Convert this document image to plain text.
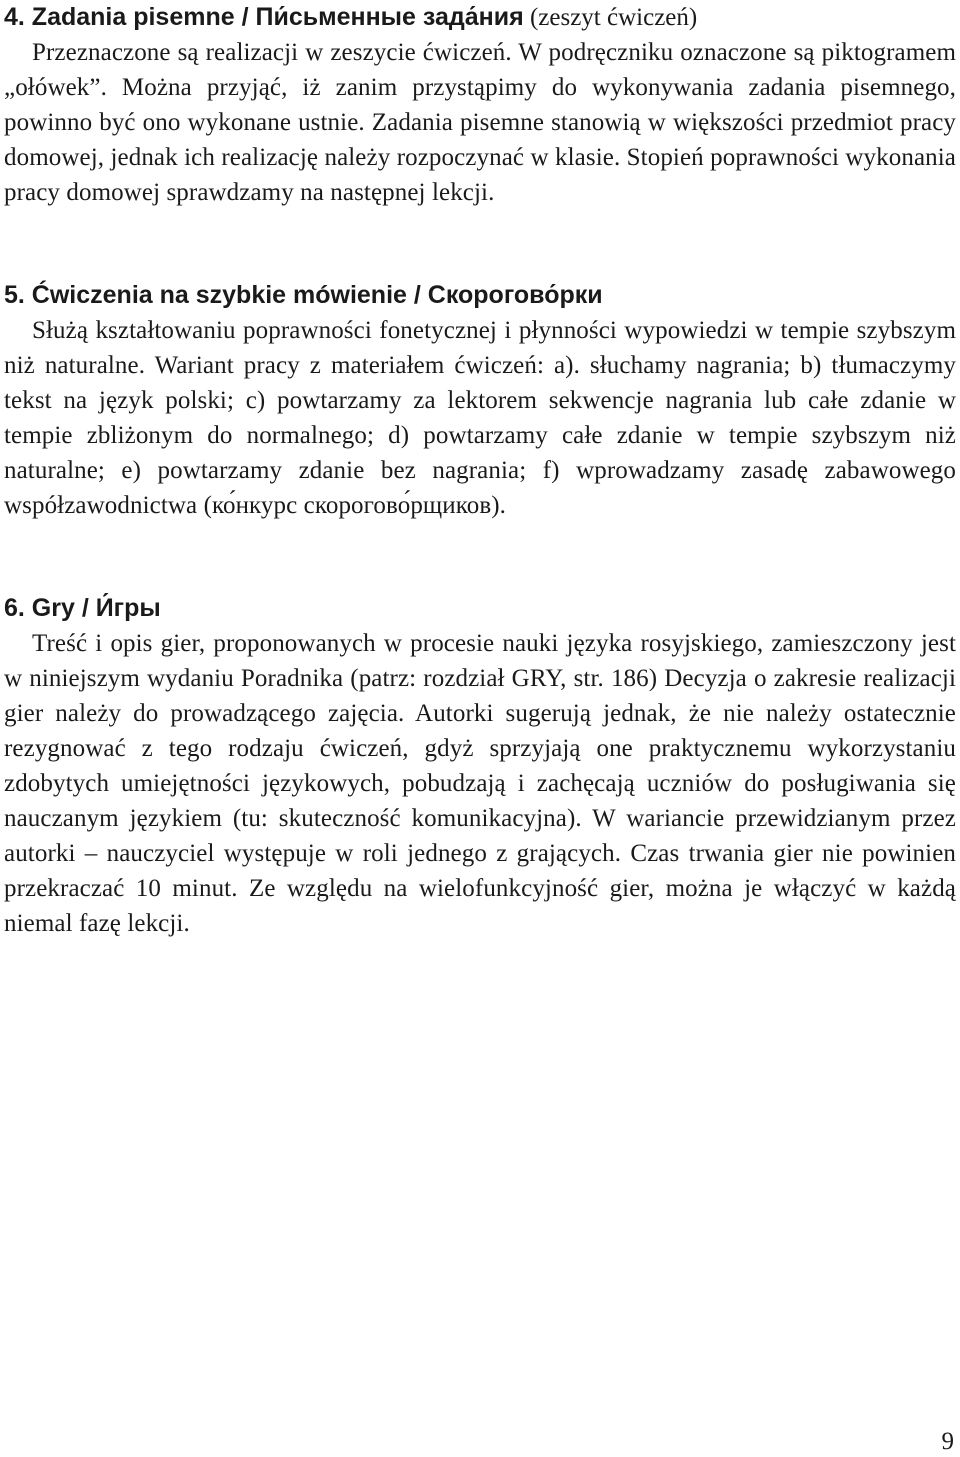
4. Zadania pisemne / Пи́сьменные зада́ния (zeszyt ćwiczeń)

Przeznaczone są realizacji w zeszycie ćwiczeń. W podręczniku oznaczone są piktogramem „ołówek”. Można przyjąć, iż zanim przystąpimy do wykonywania zadania pisemnego, powinno być ono wykonane ustnie. Zadania pisemne stanowią w większości przedmiot pracy domowej, jednak ich realizację należy rozpoczynać w klasie. Stopień poprawności wykonania pracy domowej sprawdzamy na następnej lekcji.

5. Ćwiczenia na szybkie mówienie / Скорогово́рки

Służą kształtowaniu poprawności fonetycznej i płynności wypowiedzi w tempie szybszym niż naturalne. Wariant pracy z materiałem ćwiczeń: a). słuchamy nagrania; b) tłumaczymy tekst na język polski; c) powtarzamy za lektorem sekwencje nagrania lub całe zdanie w tempie zbliżonym do normalnego; d) powtarzamy całe zdanie w tempie szybszym niż naturalne; e) powtarzamy zdanie bez nagrania; f) wprowadzamy zasadę zabawowego współzawodnictwa (ко́нкурс скорогово́рщиков).

6. Gry / И́гры

Treść i opis gier, proponowanych w procesie nauki języka rosyjskiego, zamieszczony jest w niniejszym wydaniu Poradnika (patrz: rozdział GRY, str. 186) Decyzja o zakresie realizacji gier należy do prowadzącego zajęcia. Autorki sugerują jednak, że nie należy ostatecznie rezygnować z tego rodzaju ćwiczeń, gdyż sprzyjają one praktycznemu wykorzystaniu zdobytych umiejętności językowych, pobudzają i zachęcają uczniów do posługiwania się nauczanym językiem (tu: skuteczność komunikacyjna). W wariancie przewidzianym przez autorki – nauczyciel występuje w roli jednego z grających. Czas trwania gier nie powinien przekraczać 10 minut. Ze względu na wielofunkcyjność gier, można je włączyć w każdą niemal fazę lekcji.

9
